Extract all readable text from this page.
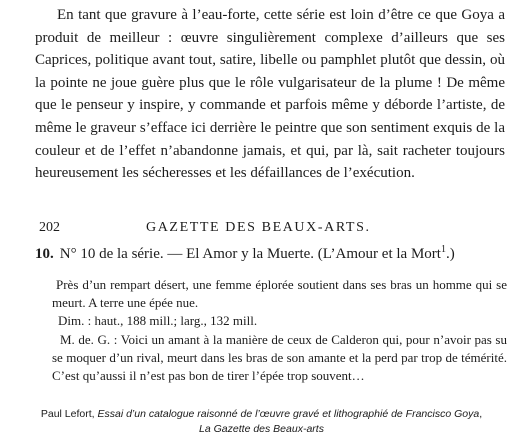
En tant que gravure à l’eau-forte, cette série est loin d’être ce que Goya a produit de meilleur : œuvre singulièrement complexe d’ailleurs que ses Caprices, politique avant tout, satire, libelle ou pamphlet plutôt que dessin, où la pointe ne joue guère plus que le rôle vulgarisateur de la plume ! De même que le penseur y inspire, y commande et parfois même y déborde l’artiste, de même le graveur s’efface ici derrière le peintre que son sentiment exquis de la couleur et de l’effet n’abandonne jamais, et qui, par là, sait racheter toujours heureusement les sécheresses et les défaillances de l’exécution.

202	GAZETTE DES BEAUX-ARTS.
10. N° 10 de la série. — El Amor y la Muerte. (L’Amour et la Mort$^1$.)

Près d’un rempart désert, une femme éplorée soutient dans ses bras un homme qui se meurt. A terre une épée nue.

Dim. : haut., 188 mill.; larg., 132 mill.

M. de. G. : Voici un amant à la manière de ceux de Calderon qui, pour n’avoir pas su se moquer d’un rival, meurt dans les bras de son amante et la perd par trop de témérité. C’est qu’aussi il n’est pas bon de tirer l’épée trop souvent…

Paul Lefort, Essai d’un catalogue raisonné de l’œuvre gravé et lithographié de Francisco Goya,
La Gazette des Beaux-arts
